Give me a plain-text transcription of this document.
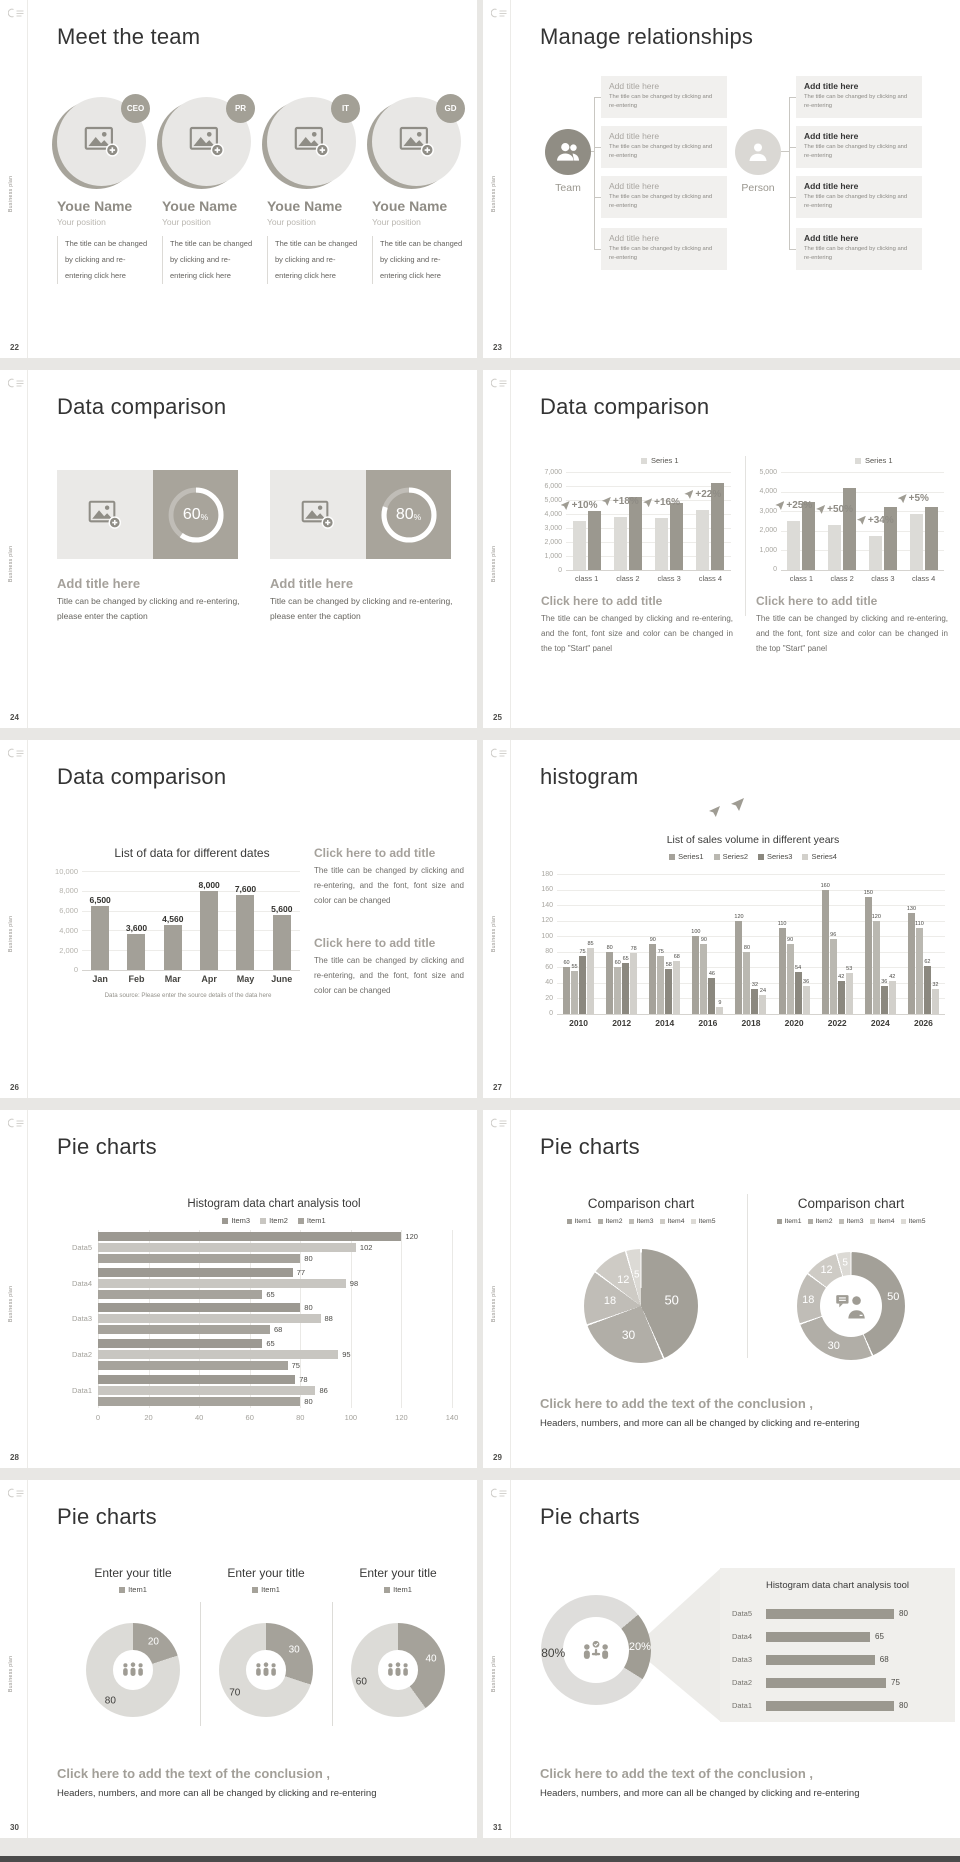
Business plan
22
Meet the team
CEO
Youe Name
Your position
The title can be changed by clicking and re-entering click here
PR
Youe Name
Your position
The title can be changed by clicking and re-entering click here
IT
Youe Name
Your position
The title can be changed by clicking and re-entering click here
GD
Youe Name
Your position
The title can be changed by clicking and re-entering click here
Business plan
23
Manage relationships
Team	Person
Add title here
The title can be changed by clicking and re-entering
Add title here
The title can be changed by clicking and re-entering
Add title here
The title can be changed by clicking and re-entering
Add title here
The title can be changed by clicking and re-entering
Add title here
The title can be changed by clicking and re-entering
Add title here
The title can be changed by clicking and re-entering
Add title here
The title can be changed by clicking and re-entering
Add title here
The title can be changed by clicking and re-entering
Business plan
24
Data comparison
60 %
Add title here
Title can be changed by clicking and re-entering, please enter the caption
80 %
Add title here
Title can be changed by clicking and re-entering, please enter the caption
Business plan
25
Data comparison
Series 1
7,000
6,000
5,000
4,000
3,000
2,000
1,000
0
+10%
class 1
+18%
class 2
+16%
class 3
+22%
class 4
Series 1
5,000
4,000
3,000
2,000
1,000
0
+25%
class 1
+50%
class 2
+34%
class 3
+5%
class 4
Click here to add title
The title can be changed by clicking and re-entering, and the font, font size and color can be changed in the top "Start" panel
Click here to add title
The title can be changed by clicking and re-entering, and the font, font size and color can be changed in the top "Start" panel
Business plan
26
Data comparison
List of data for different dates
10,000
8,000
6,000
4,000
2,000
0
6,500
Jan
3,600
Feb
4,560
Mar
8,000
Apr
7,600
May
5,600
June
Data source: Please enter the source details of the data here
Click here to add title
The title can be changed by clicking and re-entering, and the font, font size and color can be changed
Click here to add title
The title can be changed by clicking and re-entering, and the font, font size and color can be changed
Business plan
27
histogram
List of sales volume in different years
Series1	Series2	Series3	Series4
180
160
140
120
100
80
60
40
20
0
60
55
75
85
2010
80
60
65
78
2012
90
75
58
68
2014
100
90
46
9
2016
120
80
32
24
2018
110
90
54
36
2020
160
96
42
53
2022
150
120
36
42
2024
130
110
62
32
2026
Business plan
28
Pie charts
Histogram data chart analysis tool
Item3	Item2	Item1
Data5
Data4
Data3
Data2
Data1
0	20	40	60	80	100	120	140
120
102
80
77
98
65
80
88
68
65
95
75
78
86
80
Business plan
29
Pie charts
Comparison chart
Item1 Item2 Item3 Item4 Item5
50
30
18
12 5
Comparison chart
Item1 Item2 Item3 Item4 Item5
50
30
18
12
5
Click here to add the text of the conclusion ,
Headers, numbers, and more can all be changed by clicking and re-entering
Business plan
30
Pie charts
Enter your title
Item1
20
80
Enter your title
Item1
30
70
Enter your title
Item1
40
60
Click here to add the text of the conclusion ,
Headers, numbers, and more can all be changed by clicking and re-entering
Business plan
31
Pie charts
20%
80%
Histogram data chart analysis tool
Data5	80
Data4	65
Data3	68
Data2	75
Data1	80
Click here to add the text of the conclusion ,
Headers, numbers, and more can all be changed by clicking and re-entering
